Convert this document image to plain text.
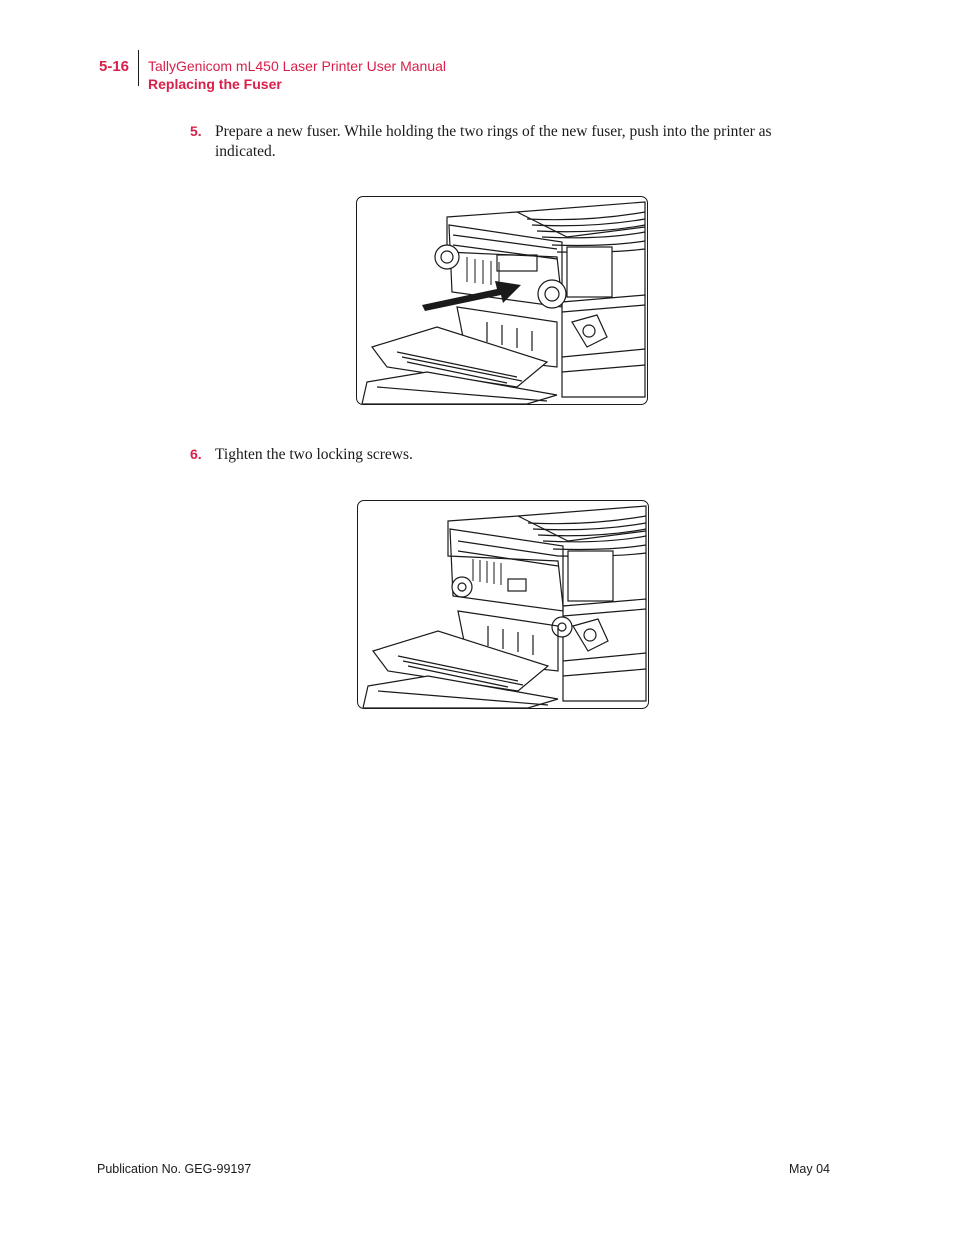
5-16 TallyGenicom mL450 Laser Printer User Manual
Replacing the Fuser
5. Prepare a new fuser. While holding the two rings of the new fuser, push into the printer as indicated.
6. Tighten the two locking screws.
Publication No. GEG-99197	May 04
